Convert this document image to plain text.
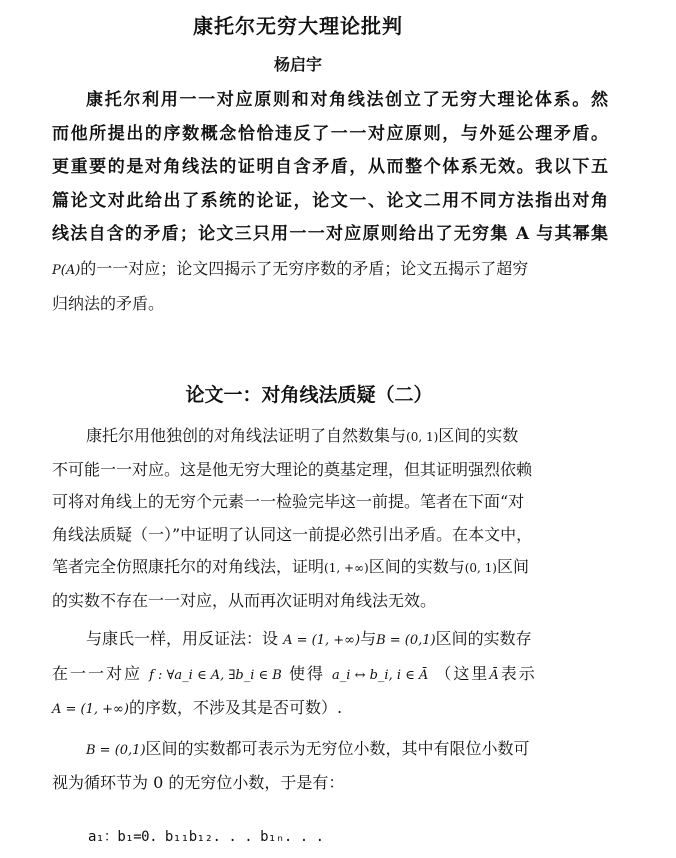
康托尔无穷大理论批判
杨启宇
康托尔利用一一对应原则和对角线法创立了无穷大理论体系。然
而他所提出的序数概念恰恰违反了一一对应原则，与外延公理矛盾。
更重要的是对角线法的证明自含矛盾，从而整个体系无效。我以下五
篇论文对此给出了系统的论证，论文一、论文二用不同方法指出对角
线法自含的矛盾；论文三只用一一对应原则给出了无穷集 A 与其幂集
P(A)的一一对应；论文四揭示了无穷序数的矛盾；论文五揭示了超穷
归纳法的矛盾。
论文一：对角线法质疑（二）
康托尔用他独创的对角线法证明了自然数集与(0, 1)区间的实数
不可能一一对应。这是他无穷大理论的奠基定理，但其证明强烈依赖
可将对角线上的无穷个元素一一检验完毕这一前提。笔者在下面“对
角线法质疑（一）”中证明了认同这一前提必然引出矛盾。在本文中，
笔者完全仿照康托尔的对角线法，证明(1, +∞)区间的实数与(0, 1)区间
的实数不存在一一对应，从而再次证明对角线法无效。
与康氏一样，用反证法：设 A = (1, +∞)与B = (0,1)区间的实数存
在一一对应 f : ∀a_i ∈ A, ∃b_i ∈ B 使得 a_i ↔ b_i, i ∈ Ā （这里Ā表示
A = (1, +∞)的序数，不涉及其是否可数）.
B = (0,1)区间的实数都可表示为无穷位小数，其中有限位小数可
视为循环节为 0 的无穷位小数，于是有：
a₁：b₁=0. b₁₁b₁₂. . . b₁ₙ. . .
